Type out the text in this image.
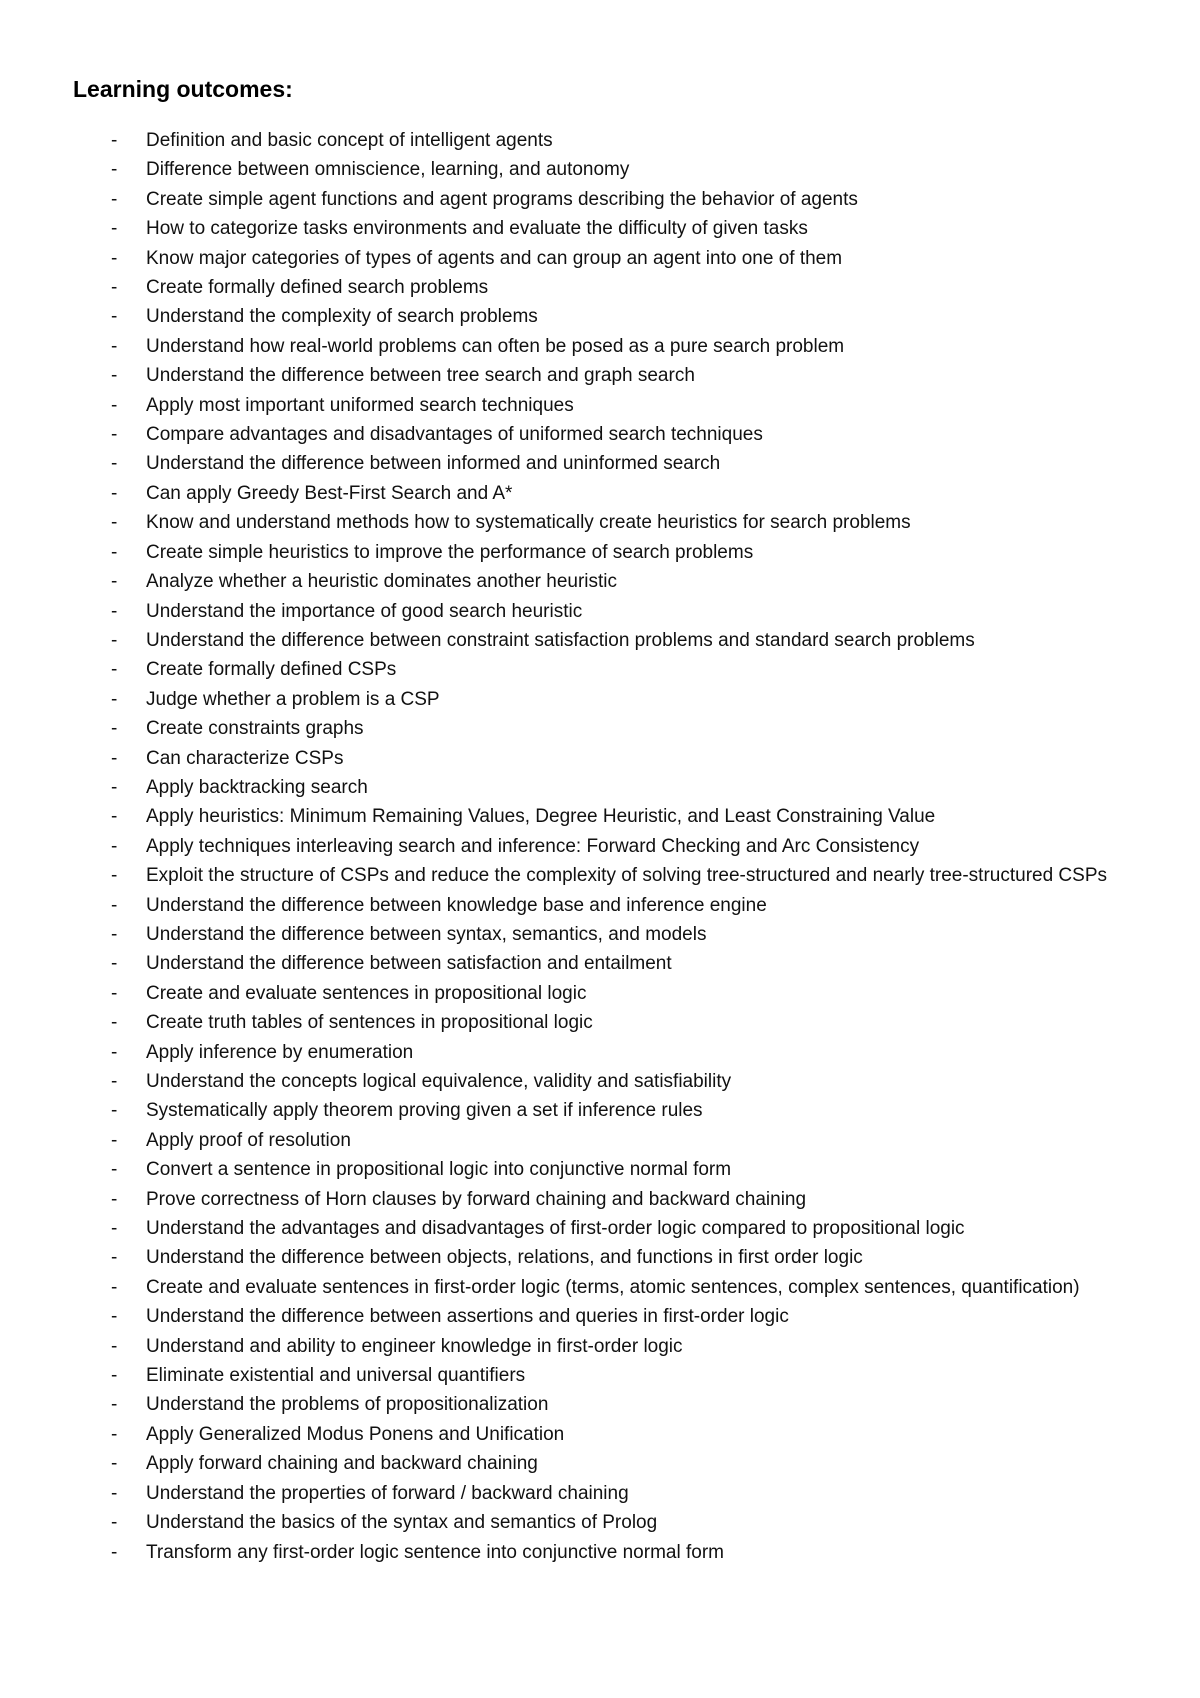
Learning outcomes:
-	Definition and basic concept of intelligent agents
-	Difference between omniscience, learning, and autonomy
-	Create simple agent functions and agent programs describing the behavior of agents
-	How to categorize tasks environments and evaluate the difficulty of given tasks
-	Know major categories of types of agents and can group an agent into one of them
-	Create formally defined search problems
-	Understand the complexity of search problems
-	Understand how real-world problems can often be posed as a pure search problem
-	Understand the difference between tree search and graph search
-	Apply most important uniformed search techniques
-	Compare advantages and disadvantages of uniformed search techniques
-	Understand the difference between informed and uninformed search
-	Can apply Greedy Best-First Search and A*
-	Know and understand methods how to systematically create heuristics for search problems
-	Create simple heuristics to improve the performance of search problems
-	Analyze whether a heuristic dominates another heuristic
-	Understand the importance of good search heuristic
-	Understand the difference between constraint satisfaction problems and standard search problems
-	Create formally defined CSPs
-	Judge whether a problem is a CSP
-	Create constraints graphs
-	Can characterize CSPs
-	Apply backtracking search
-	Apply heuristics: Minimum Remaining Values, Degree Heuristic, and Least Constraining Value
-	Apply techniques interleaving search and inference: Forward Checking and Arc Consistency
-	Exploit the structure of CSPs and reduce the complexity of solving tree-structured and nearly tree-structured CSPs
-	Understand the difference between knowledge base and inference engine
-	Understand the difference between syntax, semantics, and models
-	Understand the difference between satisfaction and entailment
-	Create and evaluate sentences in propositional logic
-	Create truth tables of sentences in propositional logic
-	Apply inference by enumeration
-	Understand the concepts logical equivalence, validity and satisfiability
-	Systematically apply theorem proving given a set if inference rules
-	Apply proof of resolution
-	Convert a sentence in propositional logic into conjunctive normal form
-	Prove correctness of Horn clauses by forward chaining and backward chaining
-	Understand the advantages and disadvantages of first-order logic compared to propositional logic
-	Understand the difference between objects, relations, and functions in first order logic
-	Create and evaluate sentences in first-order logic (terms, atomic sentences, complex sentences, quantification)
-	Understand the difference between assertions and queries in first-order logic
-	Understand and ability to engineer knowledge in first-order logic
-	Eliminate existential and universal quantifiers
-	Understand the problems of propositionalization
-	Apply Generalized Modus Ponens and Unification
-	Apply forward chaining and backward chaining
-	Understand the properties of forward / backward chaining
-	Understand the basics of the syntax and semantics of Prolog
-	Transform any first-order logic sentence into conjunctive normal form
